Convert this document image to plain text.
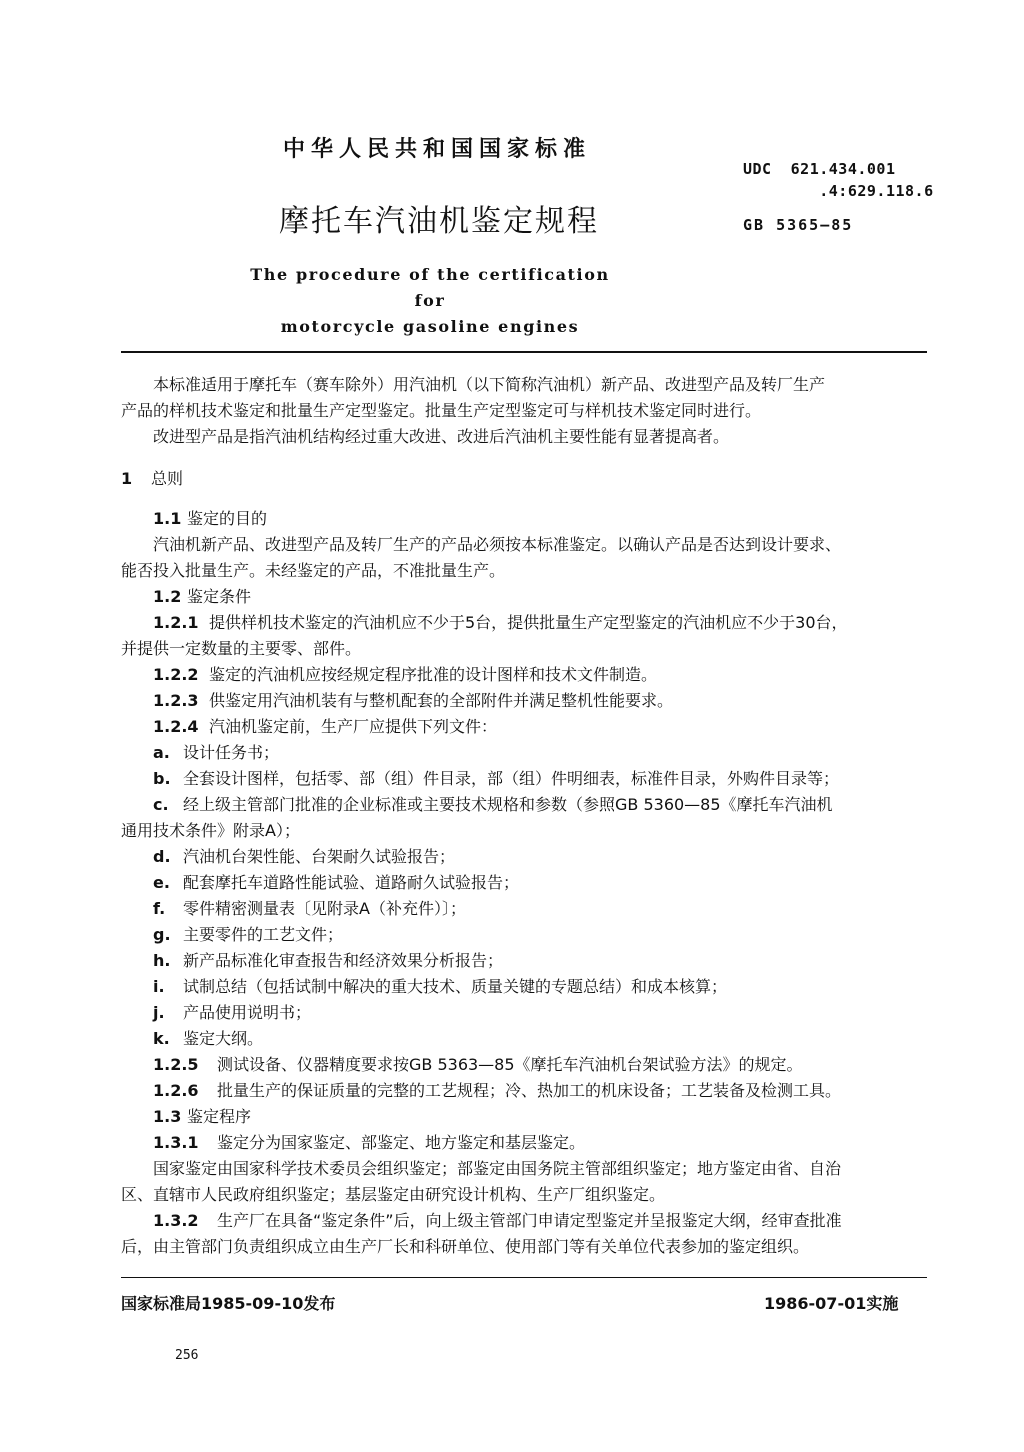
中华人民共和国国家标准
摩托车汽油机鉴定规程
The procedure of the certification for
motorcycle gasoline engines
UDC  621.434.001
.4:629.118.6
GB 5365—85
本标准适用于摩托车（赛车除外）用汽油机（以下简称汽油机）新产品、改进型产品及转厂生产
产品的样机技术鉴定和批量生产定型鉴定。批量生产定型鉴定可与样机技术鉴定同时进行。
改进型产品是指汽油机结构经过重大改进、改进后汽油机主要性能有显著提高者。
1 总则
1.1 鉴定的目的
汽油机新产品、改进型产品及转厂生产的产品必须按本标准鉴定。以确认产品是否达到设计要求、
能否投入批量生产。未经鉴定的产品，不准批量生产。
1.2 鉴定条件
1.2.1 提供样机技术鉴定的汽油机应不少于5台，提供批量生产定型鉴定的汽油机应不少于30台，
并提供一定数量的主要零、部件。
1.2.2 鉴定的汽油机应按经规定程序批准的设计图样和技术文件制造。
1.2.3 供鉴定用汽油机装有与整机配套的全部附件并满足整机性能要求。
1.2.4 汽油机鉴定前，生产厂应提供下列文件：
a. 设计任务书；
b. 全套设计图样，包括零、部（组）件目录，部（组）件明细表，标准件目录，外购件目录等；
c. 经上级主管部门批准的企业标准或主要技术规格和参数（参照GB 5360—85《摩托车汽油机
通用技术条件》附录A）；
d. 汽油机台架性能、台架耐久试验报告；
e. 配套摩托车道路性能试验、道路耐久试验报告；
f. 零件精密测量表〔见附录A（补充件）〕；
g. 主要零件的工艺文件；
h. 新产品标准化审查报告和经济效果分析报告；
i. 试制总结（包括试制中解决的重大技术、质量关键的专题总结）和成本核算；
j. 产品使用说明书；
k. 鉴定大纲。
1.2.5 测试设备、仪器精度要求按GB 5363—85《摩托车汽油机台架试验方法》的规定。
1.2.6 批量生产的保证质量的完整的工艺规程；冷、热加工的机床设备；工艺装备及检测工具。
1.3 鉴定程序
1.3.1 鉴定分为国家鉴定、部鉴定、地方鉴定和基层鉴定。
国家鉴定由国家科学技术委员会组织鉴定；部鉴定由国务院主管部组织鉴定；地方鉴定由省、自治
区、直辖市人民政府组织鉴定；基层鉴定由研究设计机构、生产厂组织鉴定。
1.3.2 生产厂在具备“鉴定条件”后，向上级主管部门申请定型鉴定并呈报鉴定大纲，经审查批准
后，由主管部门负责组织成立由生产厂长和科研单位、使用部门等有关单位代表参加的鉴定组织。
国家标准局1985-09-10发布	1986-07-01实施
256
